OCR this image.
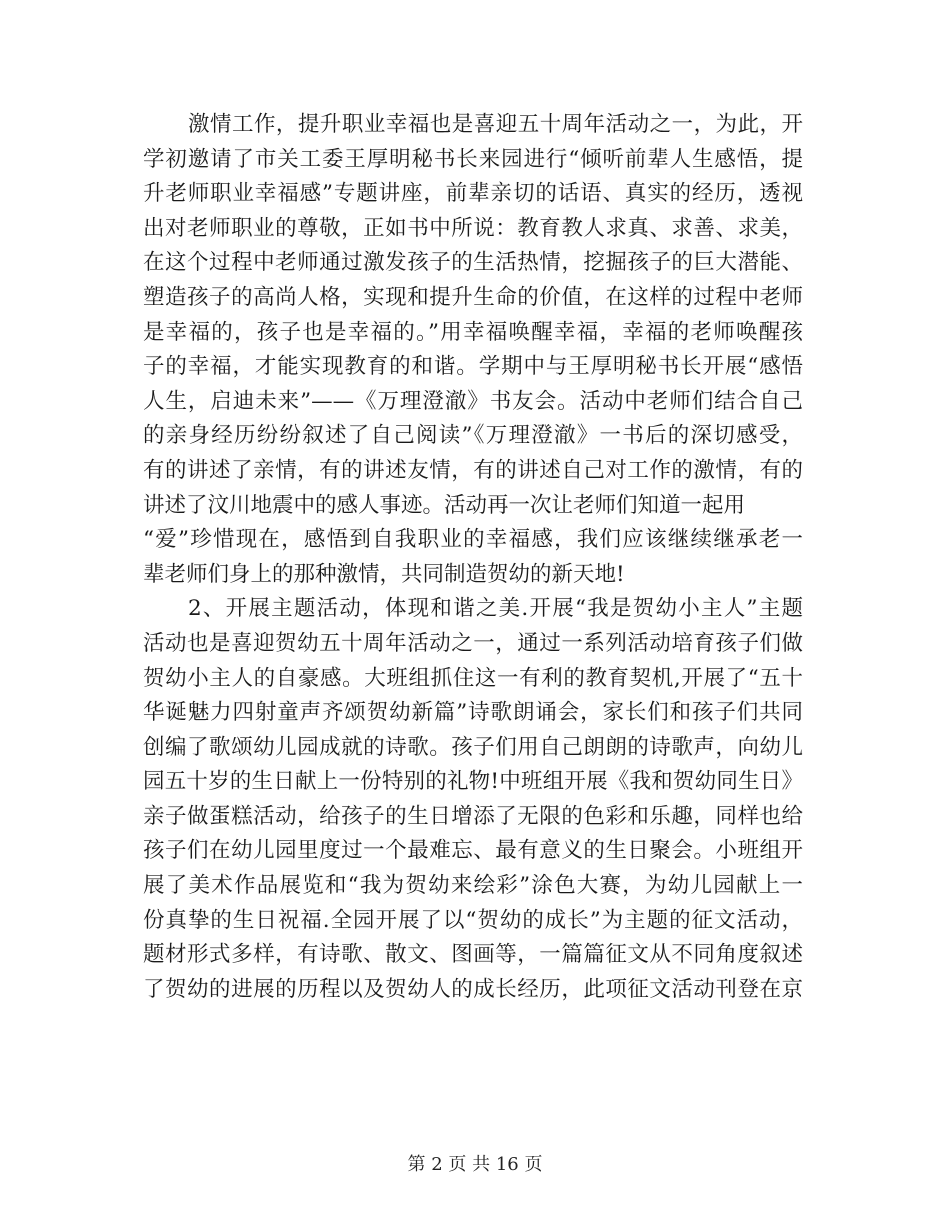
激情工作，提升职业幸福也是喜迎五十周年活动之一，为此，开
学初邀请了市关工委王厚明秘书长来园进行“倾听前辈人生感悟，提
升老师职业幸福感”专题讲座，前辈亲切的话语、真实的经历，透视
出对老师职业的尊敬，正如书中所说：教育教人求真、求善、求美，
在这个过程中老师通过激发孩子的生活热情，挖掘孩子的巨大潜能、
塑造孩子的高尚人格，实现和提升生命的价值，在这样的过程中老师
是幸福的，孩子也是幸福的。”用幸福唤醒幸福，幸福的老师唤醒孩
子的幸福，才能实现教育的和谐。学期中与王厚明秘书长开展“感悟
人生，启迪未来”——《万理澄澈》书友会。活动中老师们结合自己
的亲身经历纷纷叙述了自己阅读”《万理澄澈》一书后的深切感受，
有的讲述了亲情，有的讲述友情，有的讲述自己对工作的激情，有的
讲述了汶川地震中的感人事迹。活动再一次让老师们知道一起用
“爱”珍惜现在，感悟到自我职业的幸福感，我们应该继续继承老一
辈老师们身上的那种激情，共同制造贺幼的新天地!
2、开展主题活动，体现和谐之美.开展“我是贺幼小主人”主题
活动也是喜迎贺幼五十周年活动之一，通过一系列活动培育孩子们做
贺幼小主人的自豪感。大班组抓住这一有利的教育契机,开展了“五十
华诞魅力四射童声齐颂贺幼新篇”诗歌朗诵会，家长们和孩子们共同
创编了歌颂幼儿园成就的诗歌。孩子们用自己朗朗的诗歌声，向幼儿
园五十岁的生日献上一份特别的礼物!中班组开展《我和贺幼同生日》
亲子做蛋糕活动，给孩子的生日增添了无限的色彩和乐趣，同样也给
孩子们在幼儿园里度过一个最难忘、最有意义的生日聚会。小班组开
展了美术作品展览和“我为贺幼来绘彩”涂色大赛，为幼儿园献上一
份真挚的生日祝福.全园开展了以“贺幼的成长”为主题的征文活动，
题材形式多样，有诗歌、散文、图画等，一篇篇征文从不同角度叙述
了贺幼的进展的历程以及贺幼人的成长经历，此项征文活动刊登在京
第 2 页 共 16 页
